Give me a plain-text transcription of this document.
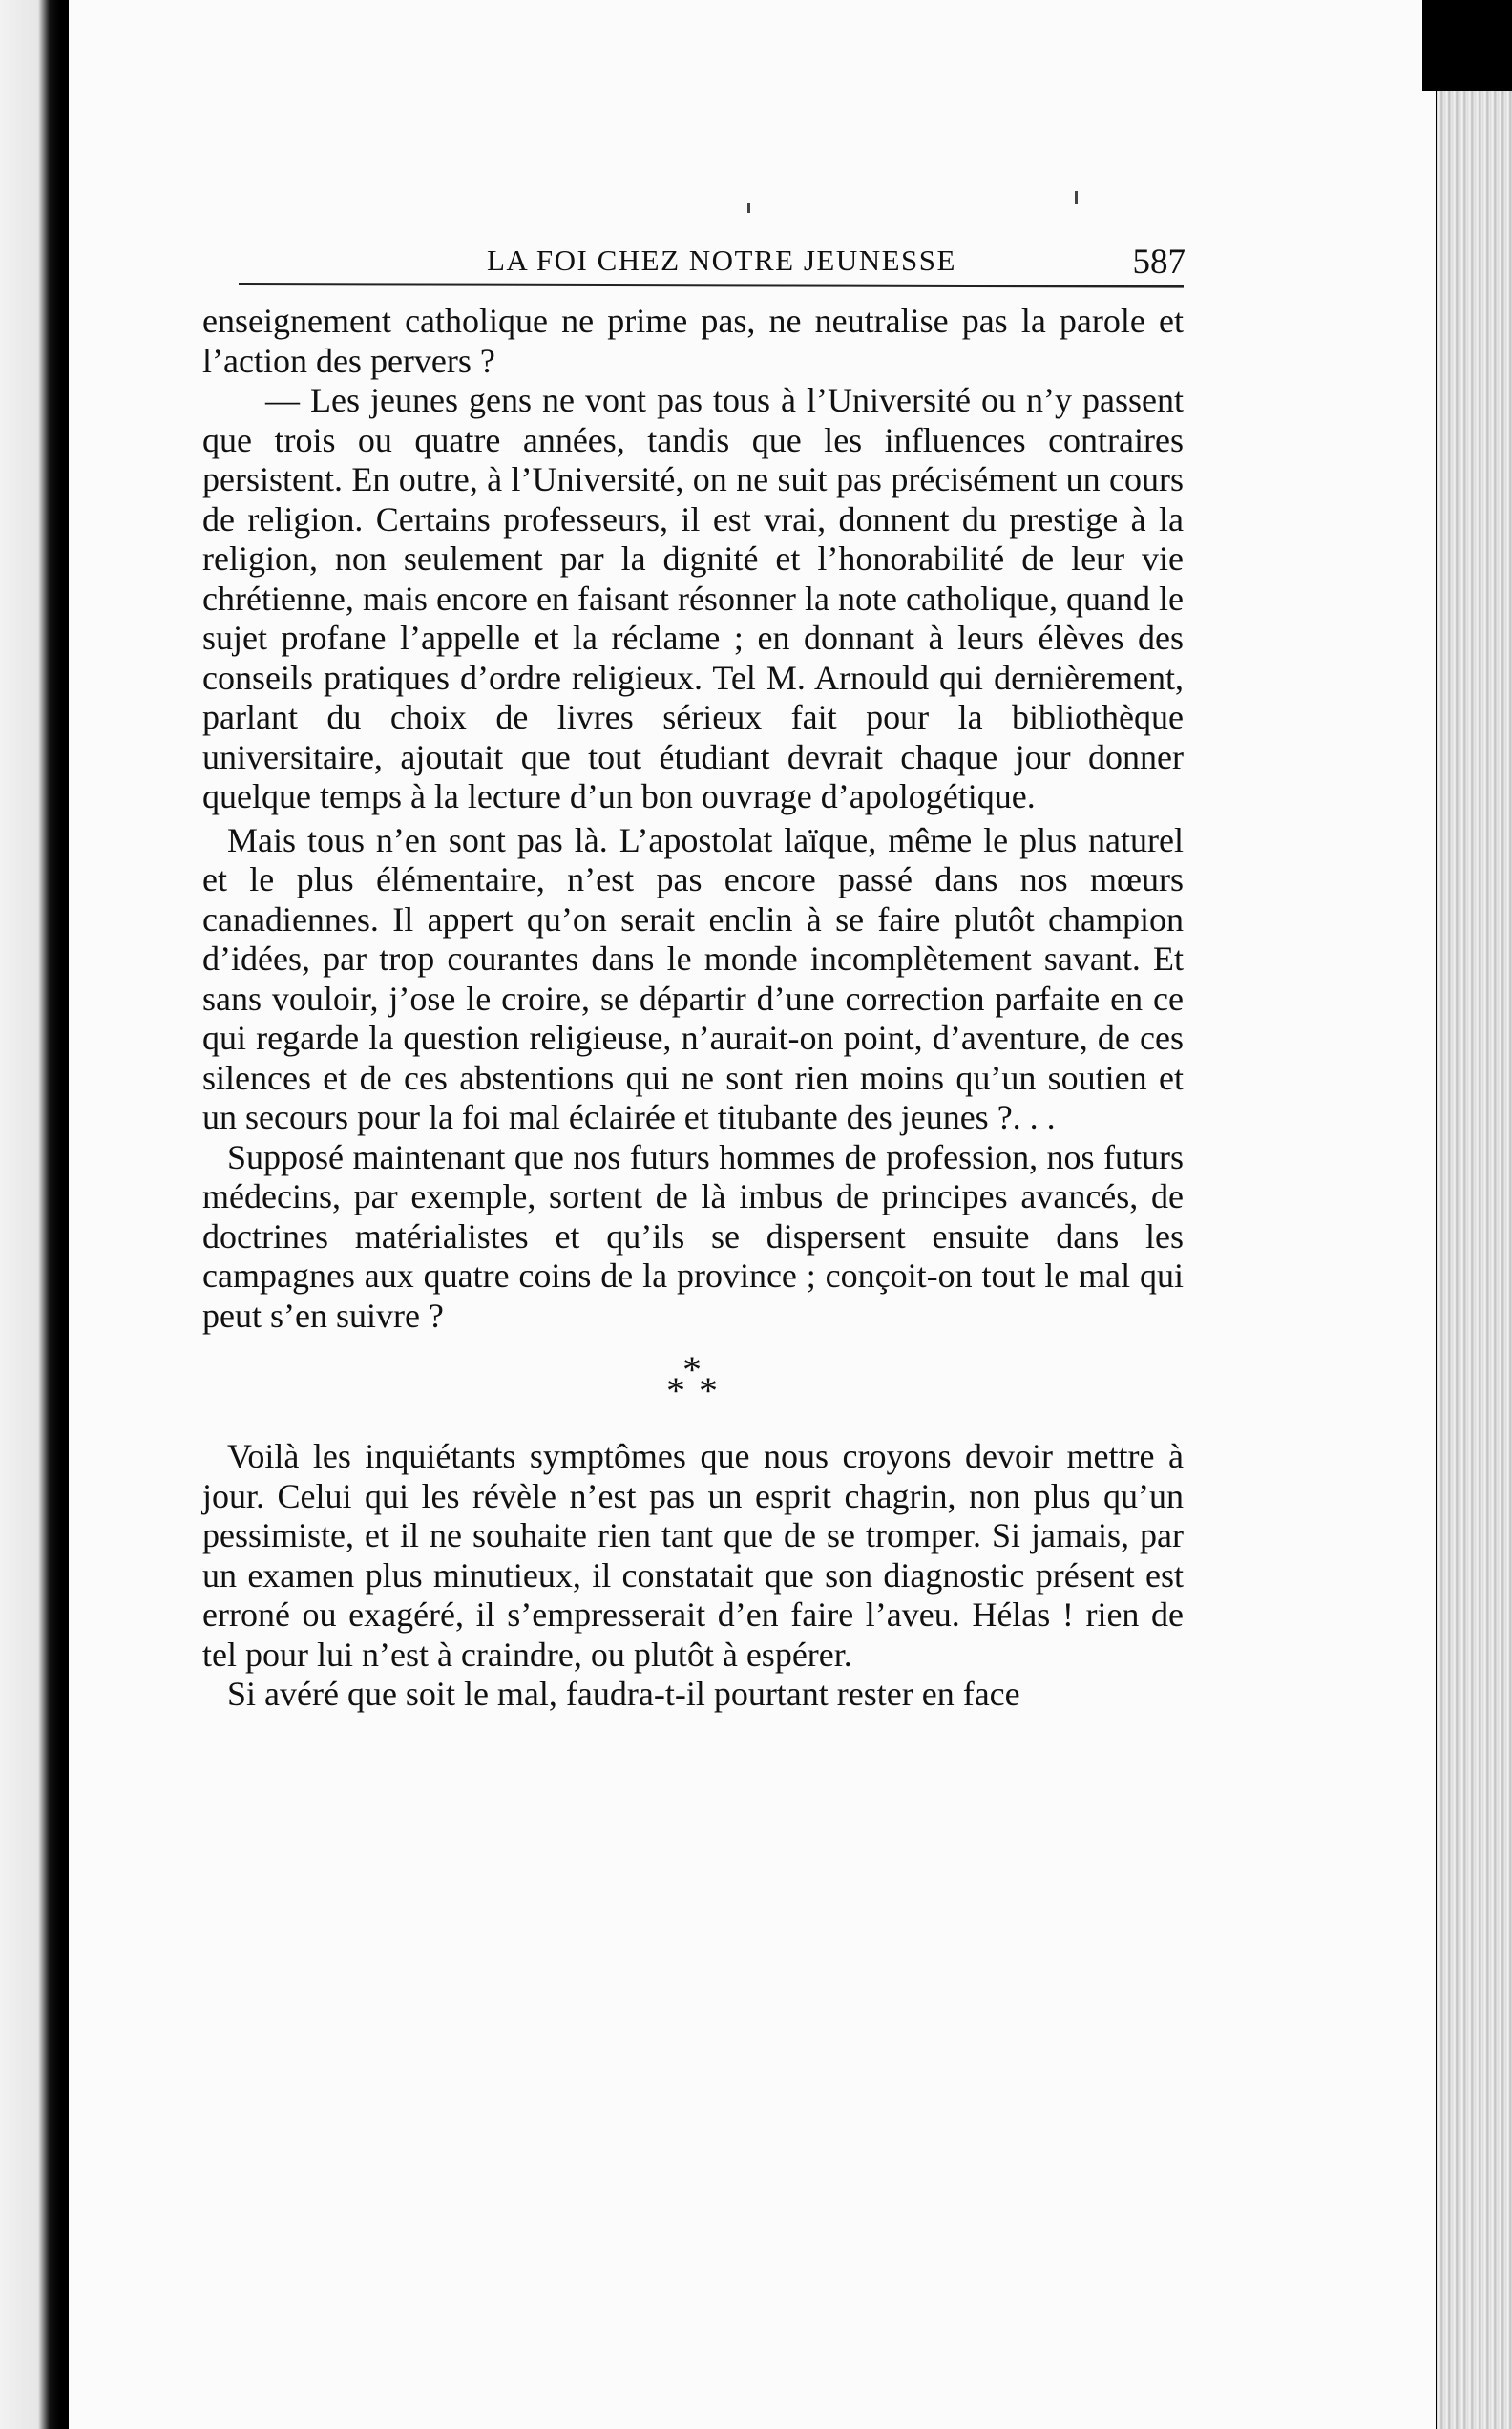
LA FOI CHEZ NOTRE JEUNESSE	587

enseignement catholique ne prime pas, ne neutralise pas la parole et l’action des pervers ?

— Les jeunes gens ne vont pas tous à l’Université ou n’y passent que trois ou quatre années, tandis que les influences contraires persistent. En outre, à l’Université, on ne suit pas précisément un cours de religion. Certains professeurs, il est vrai, donnent du prestige à la religion, non seulement par la dignité et l’honorabilité de leur vie chrétienne, mais encore en faisant résonner la note catholique, quand le sujet profane l’appelle et la réclame ; en donnant à leurs élèves des conseils pratiques d’ordre religieux. Tel M. Arnould qui dernièrement, parlant du choix de livres sérieux fait pour la bibliothèque universitaire, ajoutait que tout étudiant devrait chaque jour donner quelque temps à la lecture d’un bon ouvrage d’apologétique.

Mais tous n’en sont pas là. L’apostolat laïque, même le plus naturel et le plus élémentaire, n’est pas encore passé dans nos mœurs canadiennes. Il appert qu’on serait enclin à se faire plutôt champion d’idées, par trop courantes dans le monde incomplètement savant. Et sans vouloir, j’ose le croire, se départir d’une correction parfaite en ce qui regarde la question religieuse, n’aurait-on point, d’aventure, de ces silences et de ces abstentions qui ne sont rien moins qu’un soutien et un secours pour la foi mal éclairée et titubante des jeunes ?. . .

Supposé maintenant que nos futurs hommes de profession, nos futurs médecins, par exemple, sortent de là imbus de principes avancés, de doctrines matérialistes et qu’ils se dispersent ensuite dans les campagnes aux quatre coins de la province ; conçoit-on tout le mal qui peut s’en suivre ?

*
* *

Voilà les inquiétants symptômes que nous croyons devoir mettre à jour. Celui qui les révèle n’est pas un esprit chagrin, non plus qu’un pessimiste, et il ne souhaite rien tant que de se tromper. Si jamais, par un examen plus minutieux, il constatait que son diagnostic présent est erroné ou exagéré, il s’empresserait d’en faire l’aveu. Hélas ! rien de tel pour lui n’est à craindre, ou plutôt à espérer.

Si avéré que soit le mal, faudra-t-il pourtant rester en face
